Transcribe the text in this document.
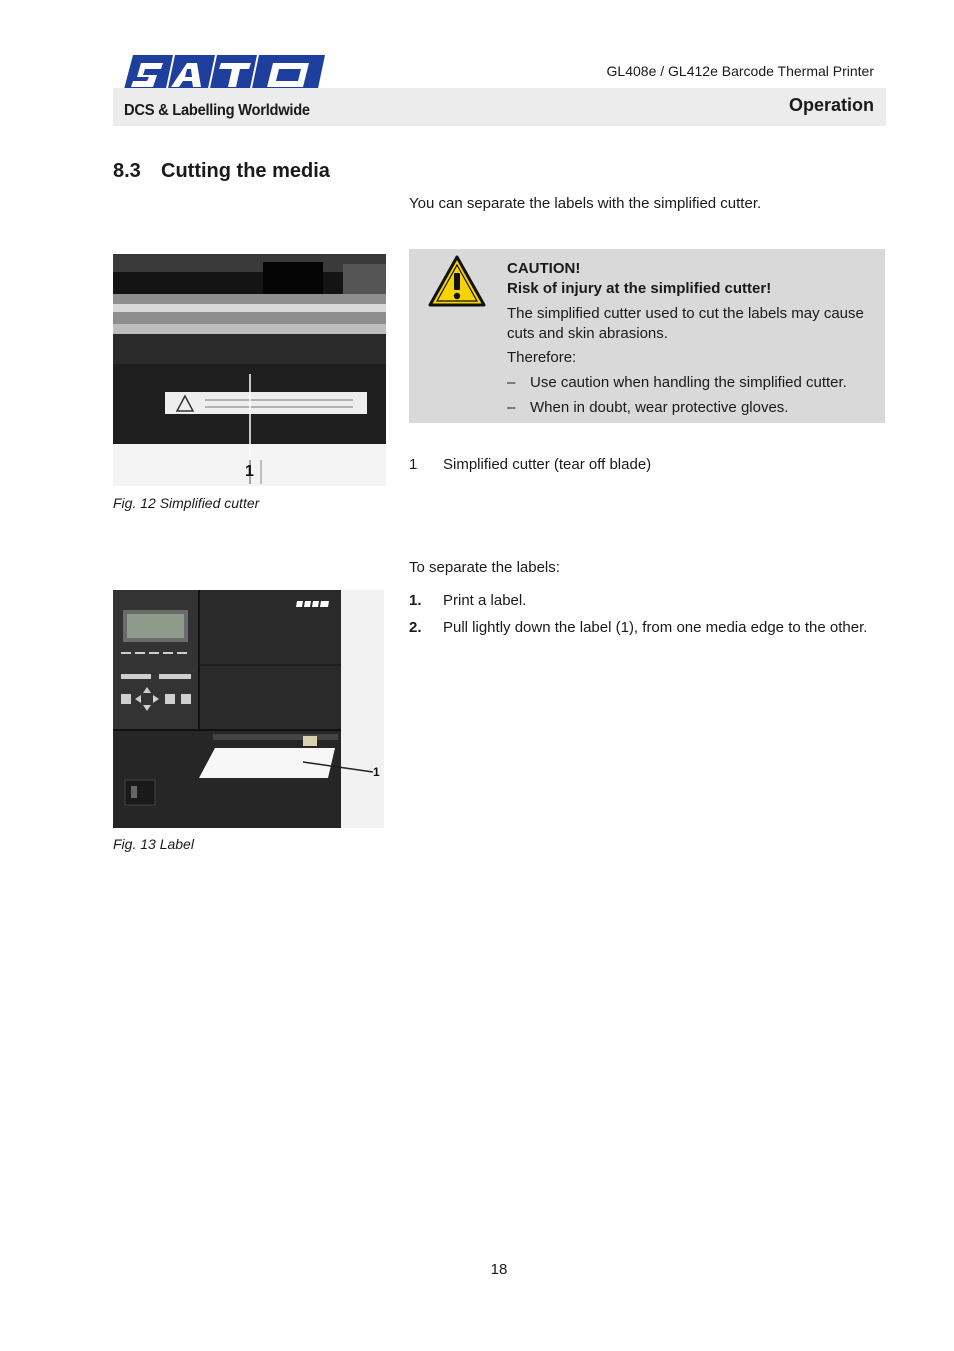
DCS & Labelling Worldwide
GL408e / GL412e Barcode Thermal Printer
Operation
8.3 Cutting the media
You can separate the labels with the simplified cutter.
1
Fig. 12 Simplified cutter
CAUTION!
Risk of injury at the simplified cutter!
The simplified cutter used to cut the labels may cause cuts and skin abrasions.
Therefore:
– Use caution when handling the simplified cutter.
– When in doubt, wear protective gloves.
1 Simplified cutter (tear off blade)
1
Fig. 13 Label
To separate the labels:
1. Print a label.
2. Pull lightly down the label (1), from one media edge to the other.
18
